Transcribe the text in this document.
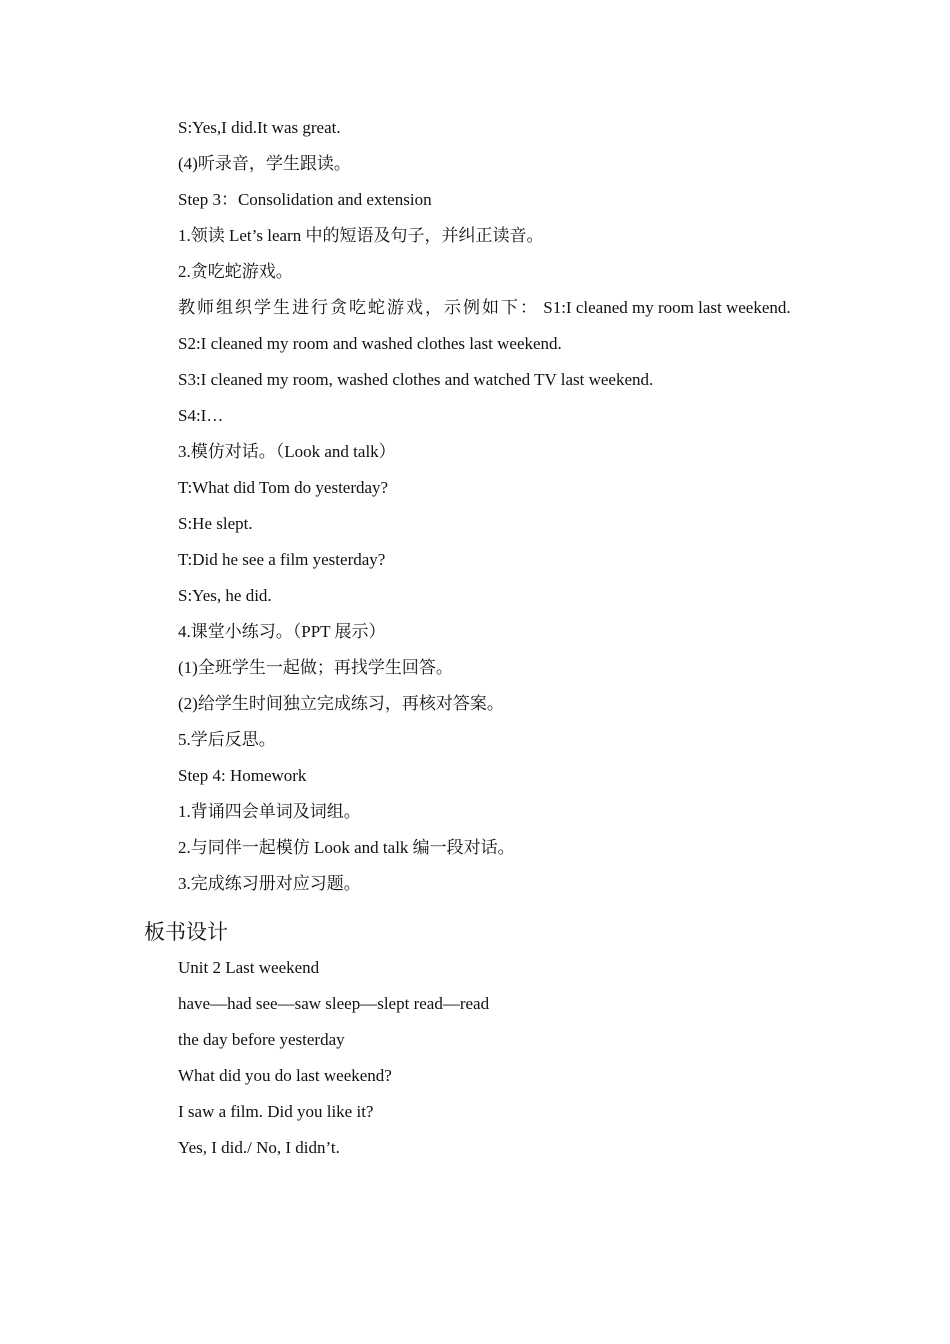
S:Yes,I did.It was great.
(4)听录音，学生跟读。
Step 3：Consolidation and extension
1.领读 Let’s learn 中的短语及句子，并纠正读音。
2.贪吃蛇游戏。
教师组织学生进行贪吃蛇游戏，示例如下： S1:I cleaned my room last weekend.
S2:I cleaned my room and washed clothes last weekend.
S3:I cleaned my room, washed clothes and watched TV last weekend.
S4:I…
3.模仿对话。（Look and talk）
T:What did Tom do yesterday?
S:He slept.
T:Did he see a film yesterday?
S:Yes, he did.
4.课堂小练习。（PPT 展示）
(1)全班学生一起做；再找学生回答。
(2)给学生时间独立完成练习，再核对答案。
5.学后反思。
Step 4: Homework
1.背诵四会单词及词组。
2.与同伴一起模仿 Look and talk 编一段对话。
3.完成练习册对应习题。
板书设计
Unit 2 Last weekend
have—had see—saw sleep—slept read—read
the day before yesterday
What did you do last weekend?
I saw a film. Did you like it?
Yes, I did./ No, I didn’t.
